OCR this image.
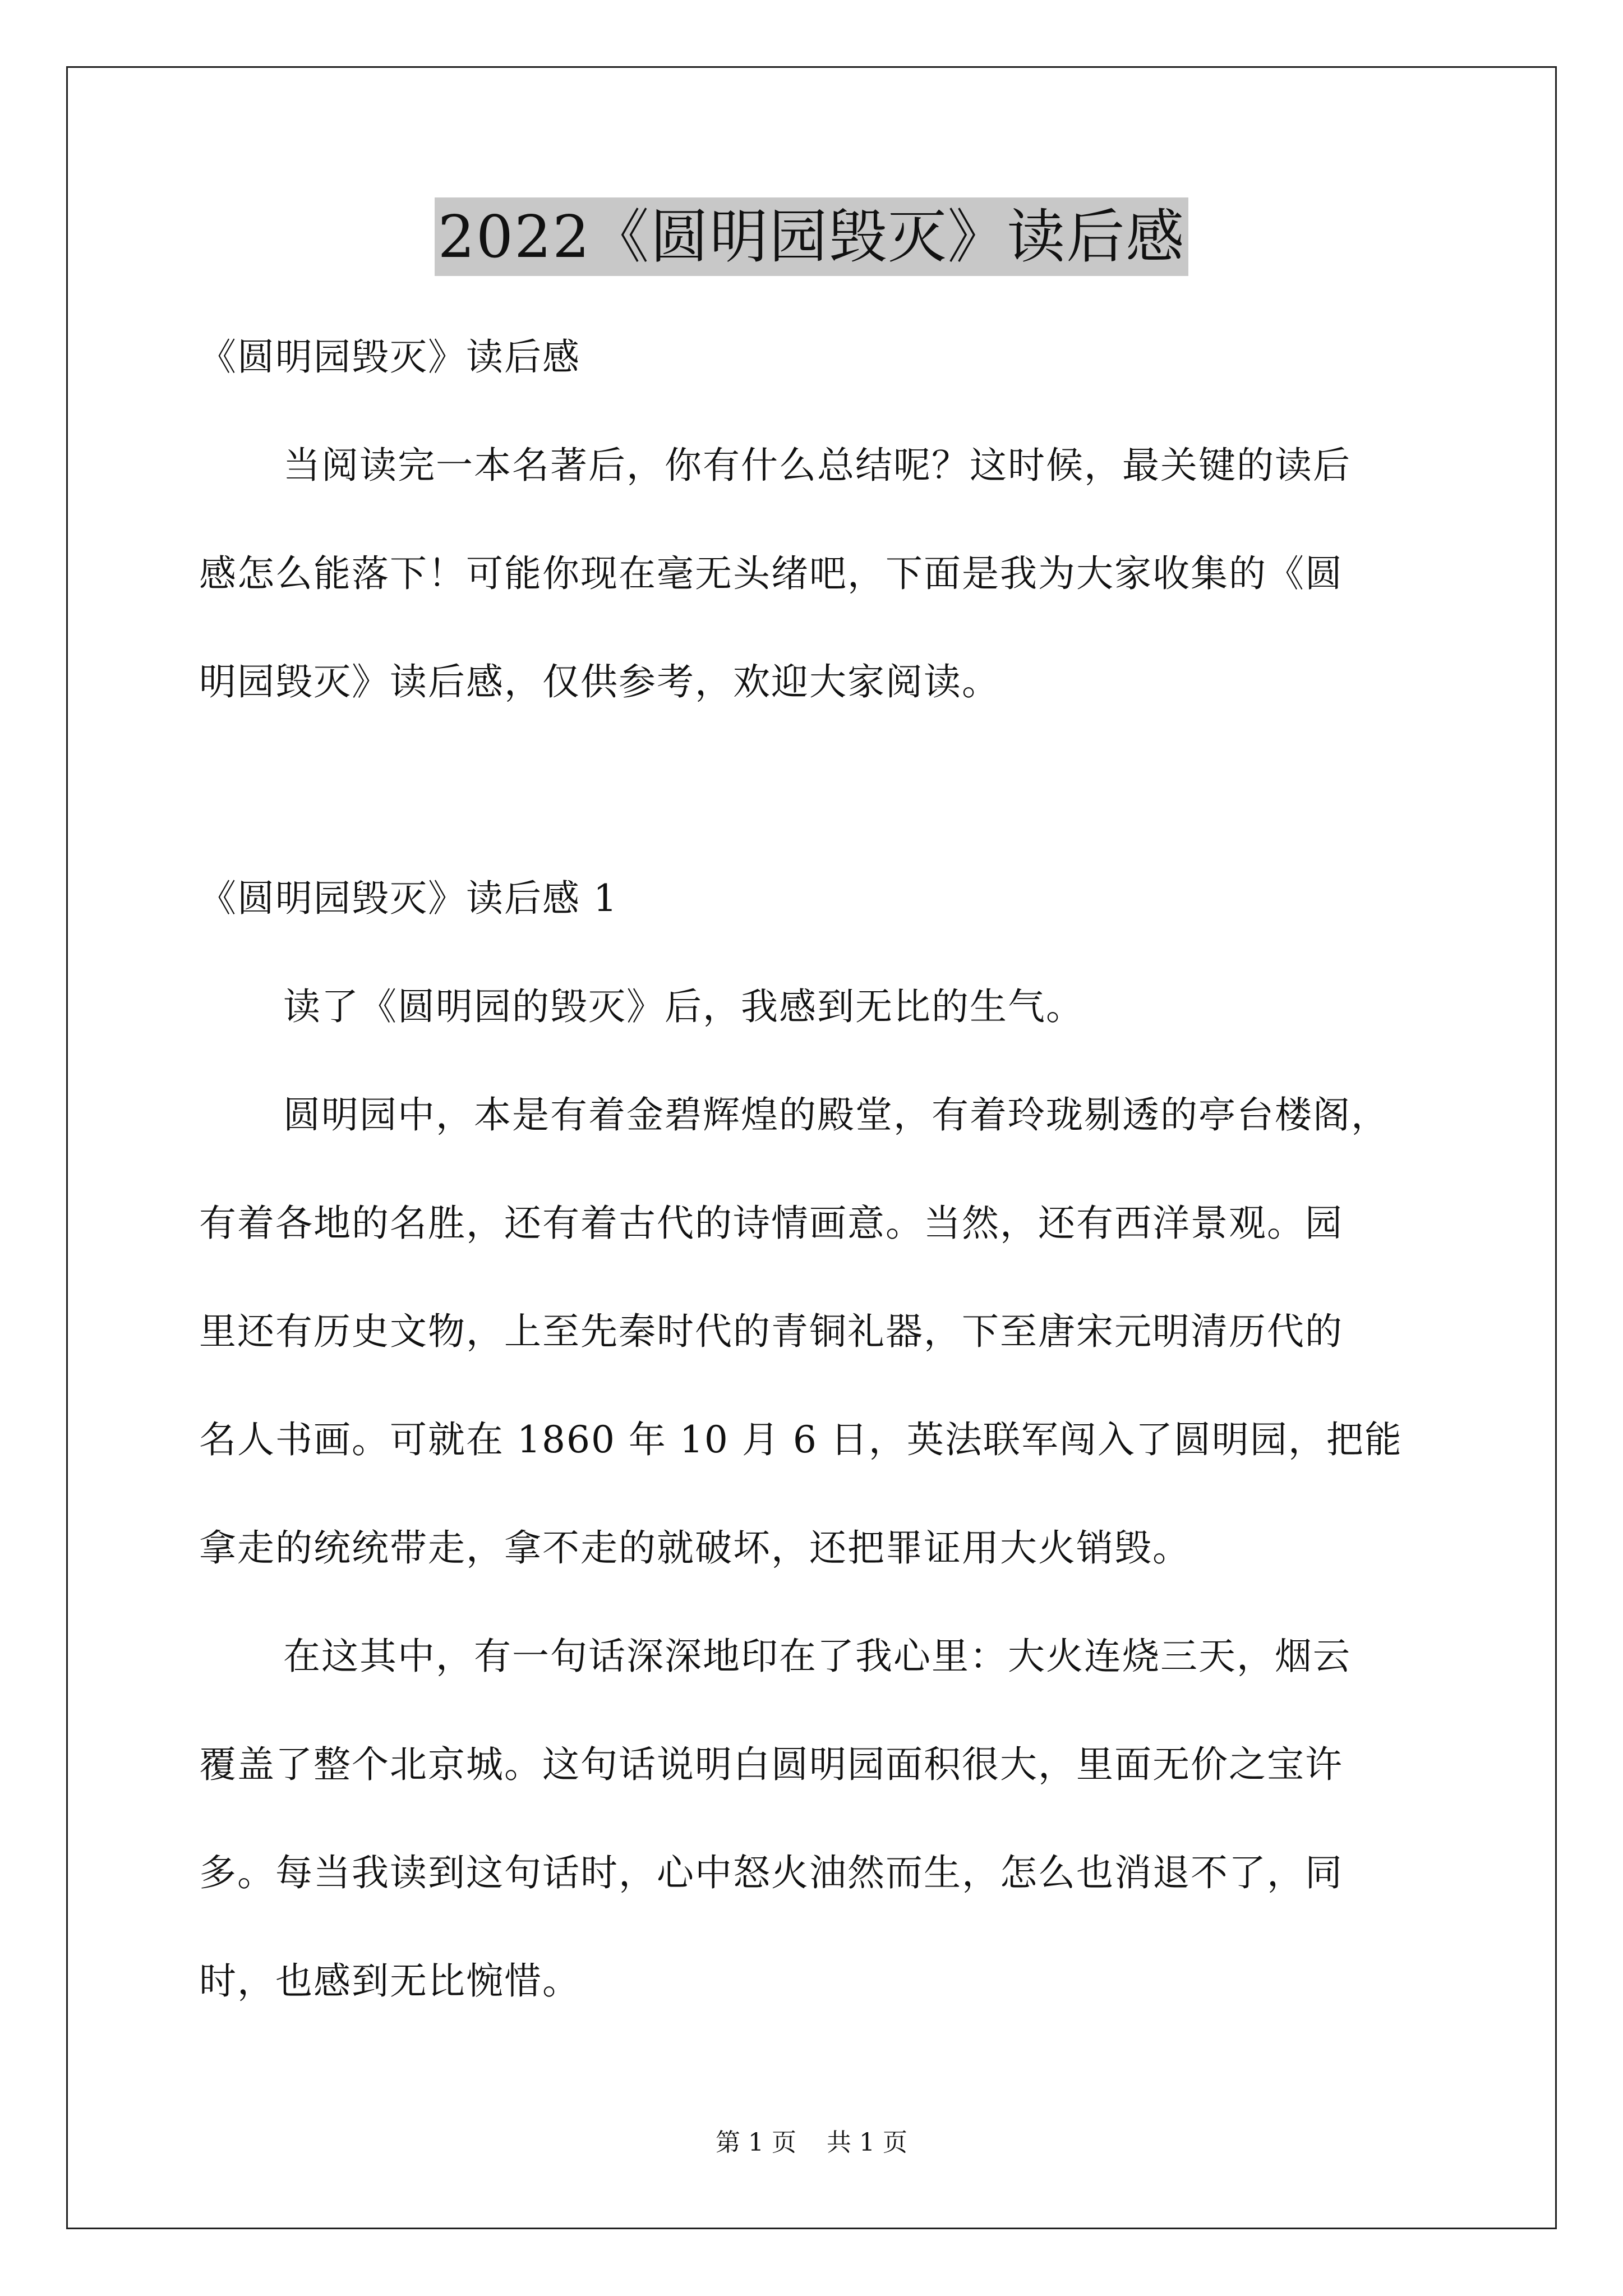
2022《圆明园毁灭》读后感
《圆明园毁灭》读后感
当阅读完一本名著后，你有什么总结呢？这时候，最关键的读后
感怎么能落下！可能你现在毫无头绪吧，下面是我为大家收集的《圆
明园毁灭》读后感，仅供参考，欢迎大家阅读。
《圆明园毁灭》读后感 1
读了《圆明园的毁灭》后，我感到无比的生气。
圆明园中，本是有着金碧辉煌的殿堂，有着玲珑剔透的亭台楼阁，
有着各地的名胜，还有着古代的诗情画意。当然，还有西洋景观。园
里还有历史文物，上至先秦时代的青铜礼器，下至唐宋元明清历代的
名人书画。可就在 1860 年 10 月 6 日，英法联军闯入了圆明园，把能
拿走的统统带走，拿不走的就破坏，还把罪证用大火销毁。
在这其中，有一句话深深地印在了我心里：大火连烧三天，烟云
覆盖了整个北京城。这句话说明白圆明园面积很大，里面无价之宝许
多。每当我读到这句话时，心中怒火油然而生，怎么也消退不了，同
时，也感到无比惋惜。
第 1 页 共 1 页
